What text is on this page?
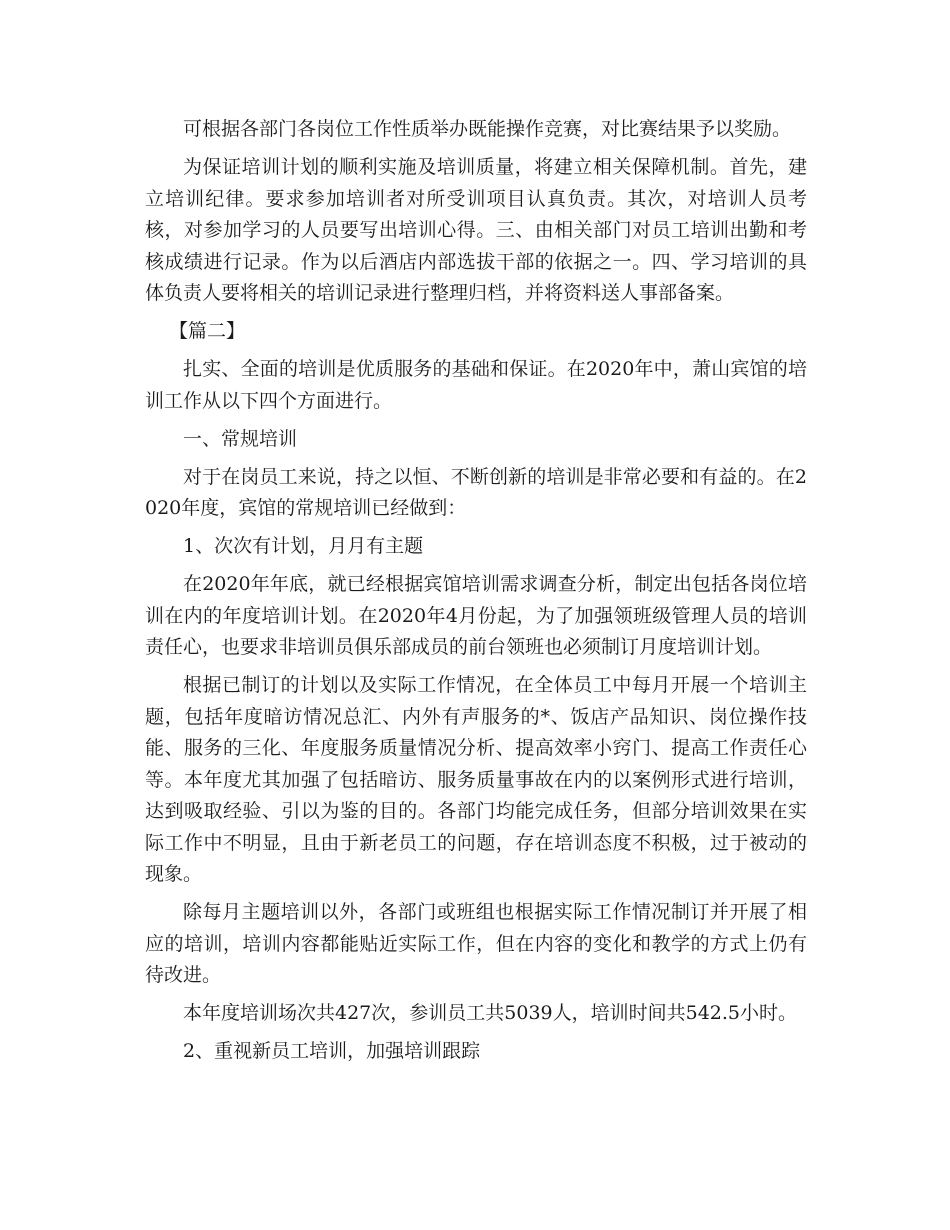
可根据各部门各岗位工作性质举办既能操作竞赛，对比赛结果予以奖励。

为保证培训计划的顺利实施及培训质量，将建立相关保障机制。首先，建立培训纪律。要求参加培训者对所受训项目认真负责。其次，对培训人员考核，对参加学习的人员要写出培训心得。三、由相关部门对员工培训出勤和考核成绩进行记录。作为以后酒店内部选拔干部的依据之一。四、学习培训的具体负责人要将相关的培训记录进行整理归档，并将资料送人事部备案。

【篇二】

扎实、全面的培训是优质服务的基础和保证。在2020年中，萧山宾馆的培训工作从以下四个方面进行。

一、常规培训

对于在岗员工来说，持之以恒、不断创新的培训是非常必要和有益的。在2020年度，宾馆的常规培训已经做到：

1、次次有计划，月月有主题

在2020年年底，就已经根据宾馆培训需求调查分析，制定出包括各岗位培训在内的年度培训计划。在2020年4月份起，为了加强领班级管理人员的培训责任心，也要求非培训员俱乐部成员的前台领班也必须制订月度培训计划。

根据已制订的计划以及实际工作情况，在全体员工中每月开展一个培训主题，包括年度暗访情况总汇、内外有声服务的*、饭店产品知识、岗位操作技能、服务的三化、年度服务质量情况分析、提高效率小窍门、提高工作责任心等。本年度尤其加强了包括暗访、服务质量事故在内的以案例形式进行培训，达到吸取经验、引以为鉴的目的。各部门均能完成任务，但部分培训效果在实际工作中不明显，且由于新老员工的问题，存在培训态度不积极，过于被动的现象。

除每月主题培训以外，各部门或班组也根据实际工作情况制订并开展了相应的培训，培训内容都能贴近实际工作，但在内容的变化和教学的方式上仍有待改进。

本年度培训场次共427次，参训员工共5039人，培训时间共542.5小时。

2、重视新员工培训，加强培训跟踪
